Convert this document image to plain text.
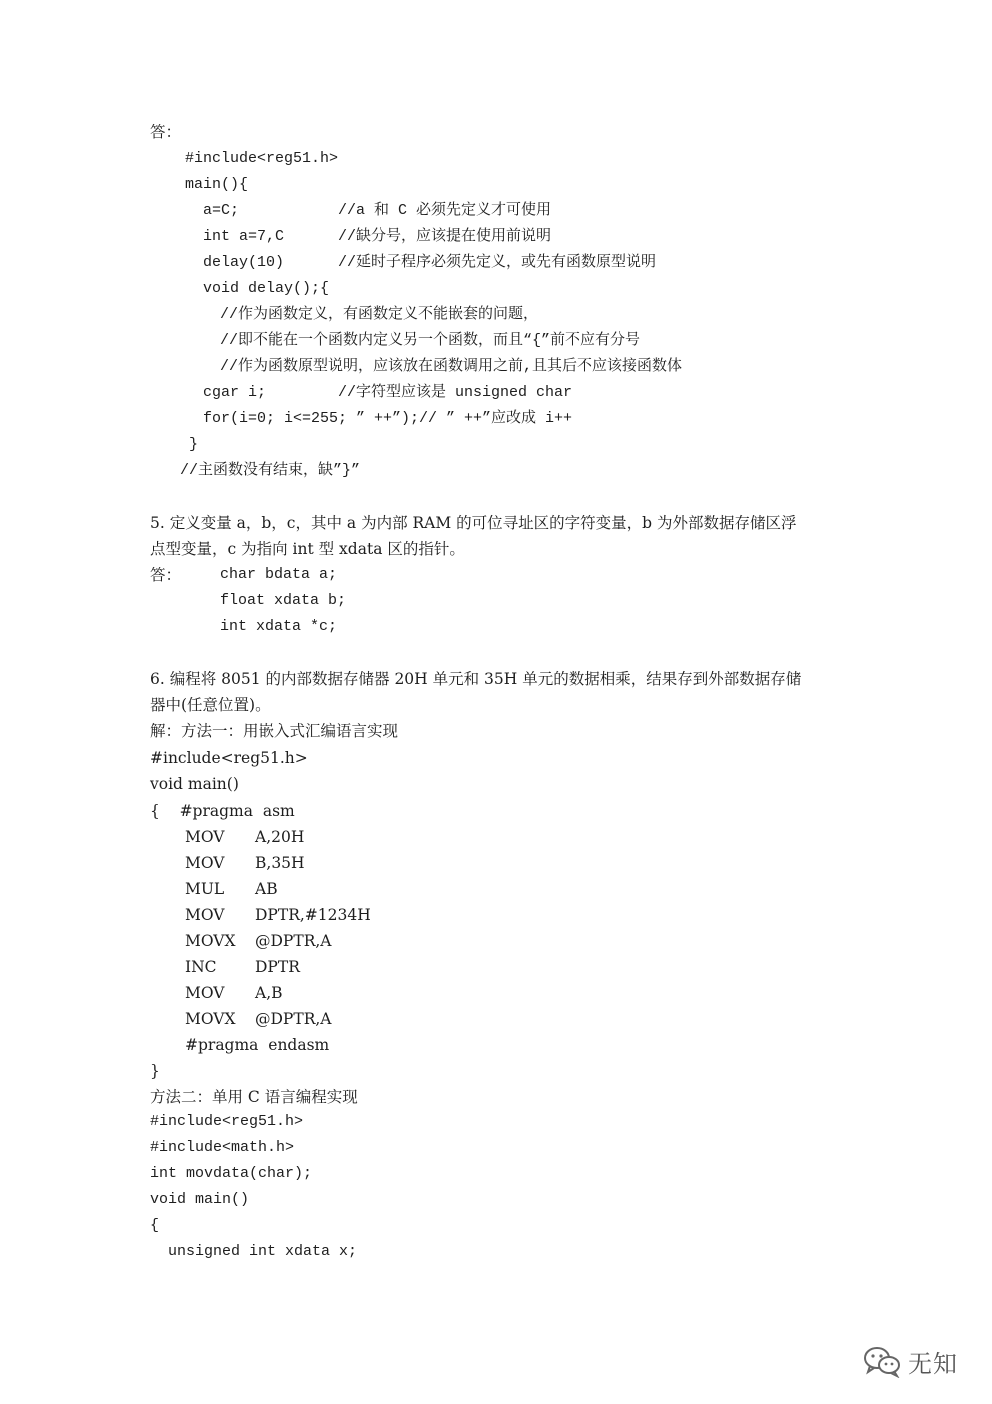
答：
#include<reg51.h>
main(){
a=C;           //a 和 C 必须先定义才可使用
int a=7,C      //缺分号，应该提在使用前说明
delay(10)      //延时子程序必须先定义，或先有函数原型说明
void delay();{
//作为函数定义，有函数定义不能嵌套的问题，
//即不能在一个函数内定义另一个函数，而且“{”前不应有分号
//作为函数原型说明，应该放在函数调用之前,且其后不应该接函数体
cgar i;        //字符型应该是 unsigned char
for(i=0; i<=255; ” ++”);// ” ++”应改成 i++
}
//主函数没有结束，缺”}”
5. 定义变量 a，b，c，其中 a 为内部 RAM 的可位寻址区的字符变量，b 为外部数据存储区浮
点型变量，c 为指向 int 型 xdata 区的指针。
答：	char bdata a;
float xdata b;
int xdata *c;
6. 编程将 8051 的内部数据存储器 20H 单元和 35H 单元的数据相乘，结果存到外部数据存储
器中(任意位置)。
解：方法一：用嵌入式汇编语言实现
#include<reg51.h>
void main()
{    #pragma  asm
MOV A,20H
MOV B,35H
MUL AB
MOV DPTR,#1234H
MOVX @DPTR,A
INC DPTR
MOV A,B
MOVX @DPTR,A
#pragma  endasm
}
方法二：单用 C 语言编程实现
#include<reg51.h>
#include<math.h>
int movdata(char);
void main()
{
unsigned int xdata x;
无知
